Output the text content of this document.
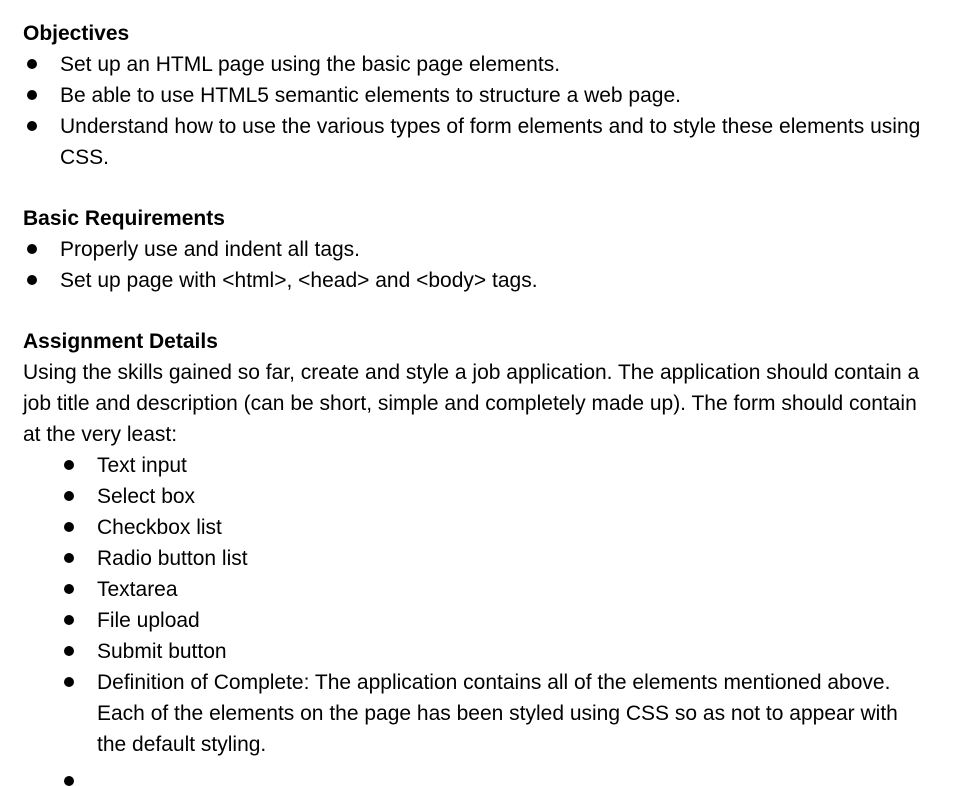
Objectives

Set up an HTML page using the basic page elements.
Be able to use HTML5 semantic elements to structure a web page.
Understand how to use the various types of form elements and to style these elements using CSS.

Basic Requirements

Properly use and indent all tags.
Set up page with <html>, <head> and <body> tags.

Assignment Details

Using the skills gained so far, create and style a job application. The application should contain a job title and description (can be short, simple and completely made up). The form should contain at the very least:

Text input
Select box
Checkbox list
Radio button list
Textarea
File upload
Submit button
Definition of Complete: The application contains all of the elements mentioned above. Each of the elements on the page has been styled using CSS so as not to appear with the default styling.
